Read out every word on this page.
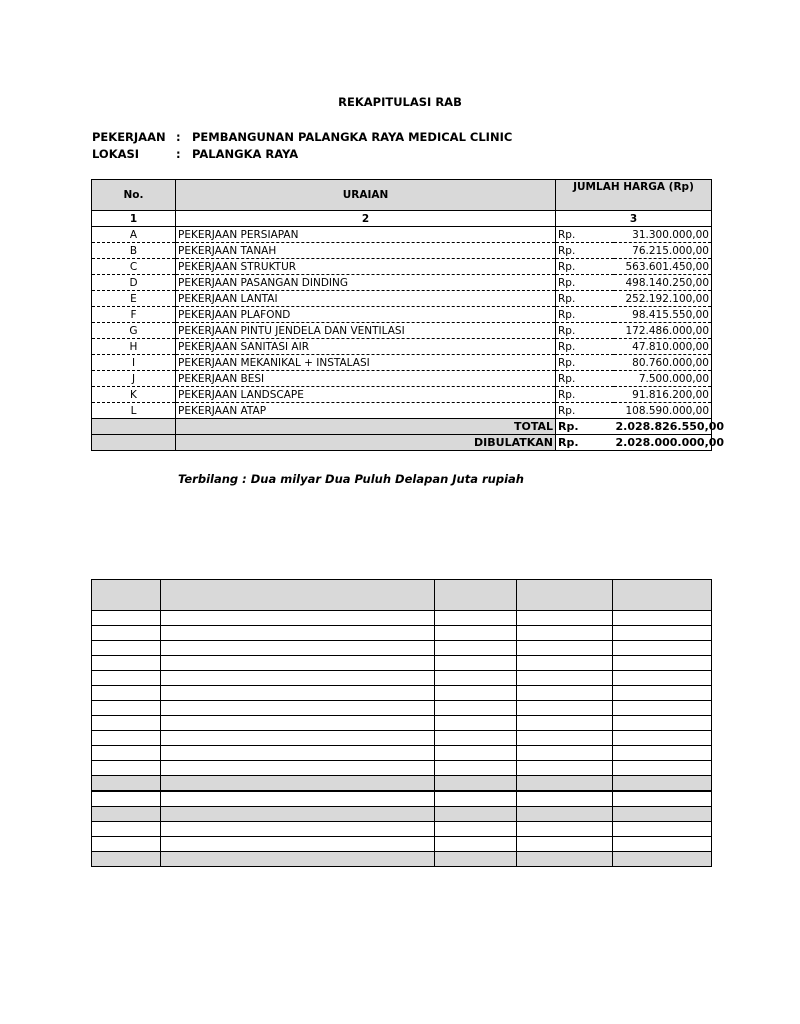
REKAPITULASI RAB
PEKERJAAN : PEMBANGUNAN PALANGKA RAYA MEDICAL CLINIC
LOKASI	: PALANGKA RAYA
No.	URAIAN	JUMLAH HARGA (Rp)	
1	2	3	
A	PEKERJAAN PERSIAPAN	Rp.	31.300.000,00
B	PEKERJAAN TANAH	Rp.	76.215.000,00
C	PEKERJAAN STRUKTUR	Rp.	563.601.450,00
D	PEKERJAAN PASANGAN DINDING	Rp.	498.140.250,00
E	PEKERJAAN LANTAI	Rp.	252.192.100,00
F	PEKERJAAN PLAFOND	Rp.	98.415.550,00
G	PEKERJAAN PINTU JENDELA DAN VENTILASI	Rp.	172.486.000,00
H	PEKERJAAN SANITASI AIR	Rp.	47.810.000,00
I	PEKERJAAN MEKANIKAL + INSTALASI	Rp.	80.760.000,00
J	PEKERJAAN BESI	Rp.	7.500.000,00
K	PEKERJAAN LANDSCAPE	Rp.	91.816.200,00
L	PEKERJAAN ATAP	Rp.	108.590.000,00
	TOTAL	Rp.	2.028.826.550,00
	DIBULATKAN	Rp.	2.028.000.000,00
Terbilang : Dua milyar Dua Puluh Delapan Juta rupiah
